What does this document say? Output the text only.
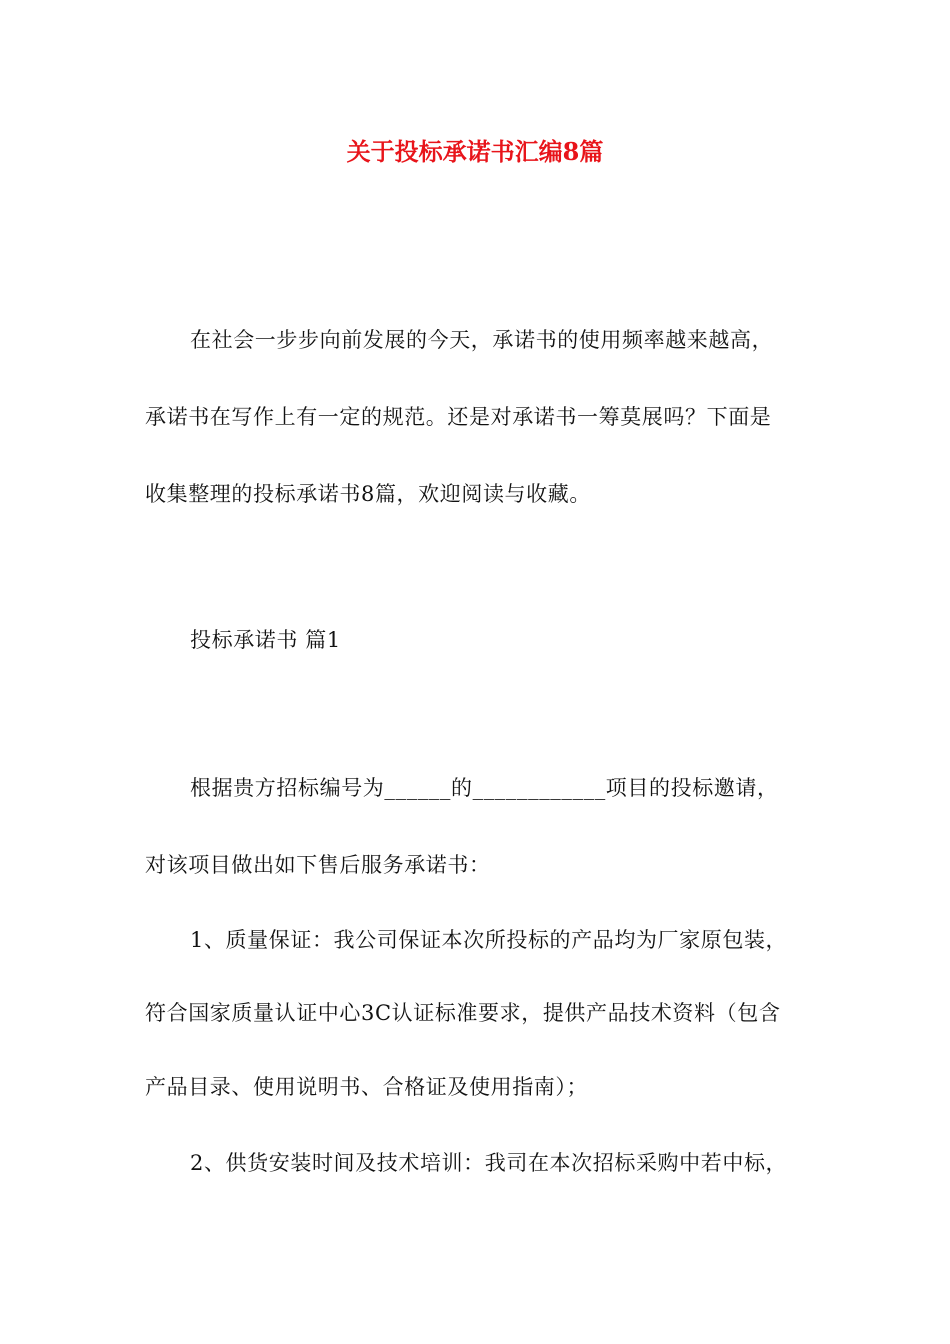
关于投标承诺书汇编8篇
在社会一步步向前发展的今天，承诺书的使用频率越来越高，
承诺书在写作上有一定的规范。还是对承诺书一筹莫展吗？下面是
收集整理的投标承诺书8篇，欢迎阅读与收藏。
投标承诺书 篇1
根据贵方招标编号为______的____________项目的投标邀请，
对该项目做出如下售后服务承诺书：
1、质量保证：我公司保证本次所投标的产品均为厂家原包装，
符合国家质量认证中心3C认证标准要求，提供产品技术资料（包含
产品目录、使用说明书、合格证及使用指南）；
2、供货安装时间及技术培训：我司在本次招标采购中若中标，
